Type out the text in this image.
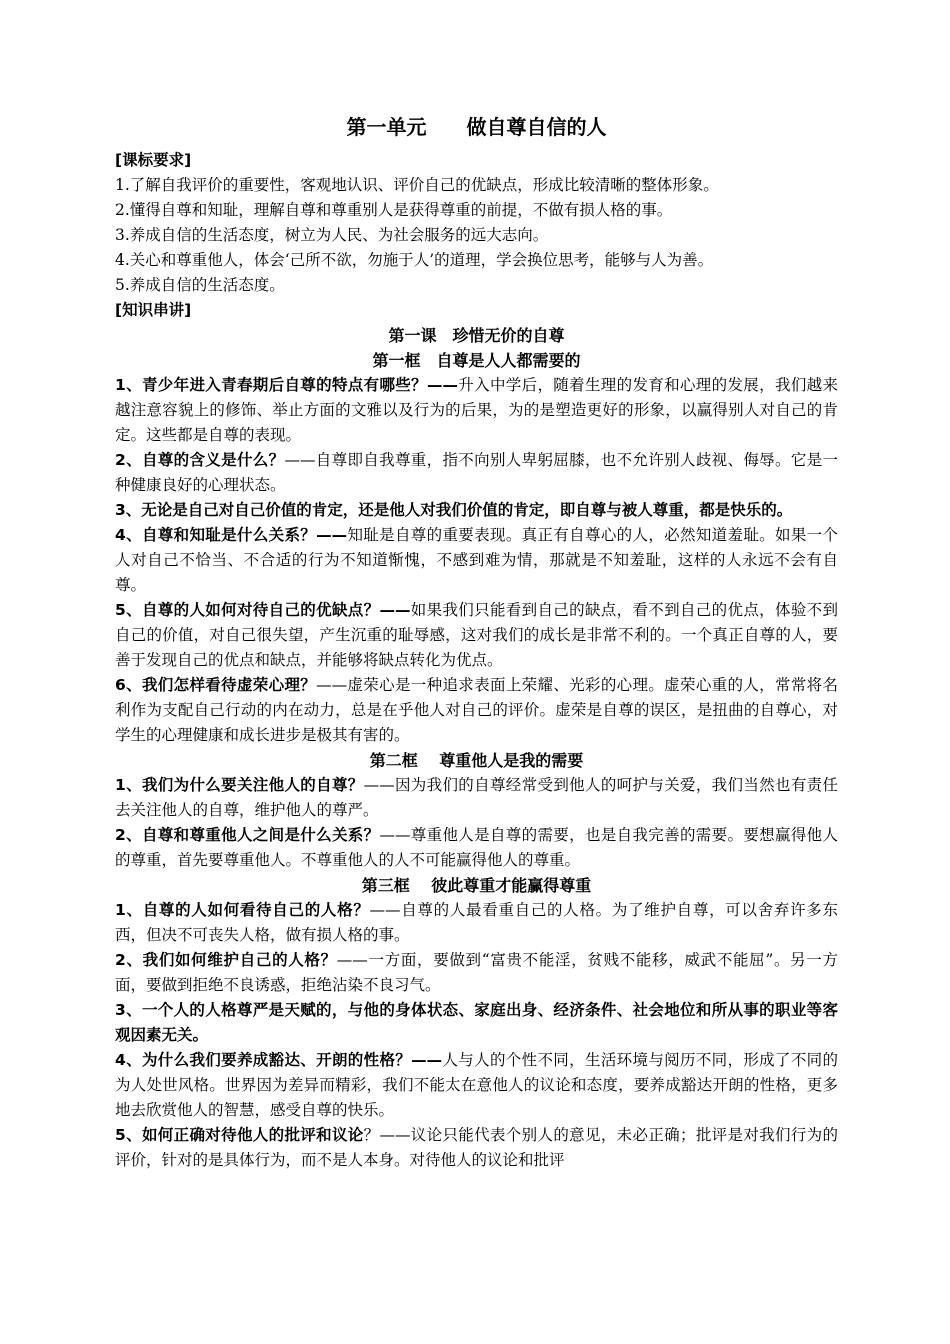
第一单元　　做自尊自信的人
[课标要求]
1.了解自我评价的重要性，客观地认识、评价自己的优缺点，形成比较清晰的整体形象。
2.懂得自尊和知耻，理解自尊和尊重别人是获得尊重的前提，不做有损人格的事。
3.养成自信的生活态度，树立为人民、为社会服务的远大志向。
4.关心和尊重他人，体会‘己所不欲，勿施于人’的道理，学会换位思考，能够与人为善。
5.养成自信的生活态度。
[知识串讲]
第一课　珍惜无价的自尊
第一框　自尊是人人都需要的

1、青少年进入青春期后自尊的特点有哪些？——升入中学后，随着生理的发育和心理的发展，我们越来越注意容貌上的修饰、举止方面的文雅以及行为的后果，为的是塑造更好的形象，以赢得别人对自己的肯定。这些都是自尊的表现。

2、自尊的含义是什么？——自尊即自我尊重，指不向别人卑躬屈膝，也不允许别人歧视、侮辱。它是一种健康良好的心理状态。

3、无论是自己对自己价值的肯定，还是他人对我们价值的肯定，即自尊与被人尊重，都是快乐的。

4、自尊和知耻是什么关系？——知耻是自尊的重要表现。真正有自尊心的人，必然知道羞耻。如果一个人对自己不恰当、不合适的行为不知道惭愧，不感到难为情，那就是不知羞耻，这样的人永远不会有自尊。

5、自尊的人如何对待自己的优缺点？——如果我们只能看到自己的缺点，看不到自己的优点，体验不到自己的价值，对自己很失望，产生沉重的耻辱感，这对我们的成长是非常不利的。一个真正自尊的人，要善于发现自己的优点和缺点，并能够将缺点转化为优点。

6、我们怎样看待虚荣心理？——虚荣心是一种追求表面上荣耀、光彩的心理。虚荣心重的人，常常将名利作为支配自己行动的内在动力，总是在乎他人对自己的评价。虚荣是自尊的误区，是扭曲的自尊心，对学生的心理健康和成长进步是极其有害的。

第二框　 尊重他人是我的需要

1、我们为什么要关注他人的自尊？——因为我们的自尊经常受到他人的呵护与关爱，我们当然也有责任去关注他人的自尊，维护他人的尊严。

2、自尊和尊重他人之间是什么关系？——尊重他人是自尊的需要，也是自我完善的需要。要想赢得他人的尊重，首先要尊重他人。不尊重他人的人不可能赢得他人的尊重。

第三框　 彼此尊重才能赢得尊重

1、自尊的人如何看待自己的人格？——自尊的人最看重自己的人格。为了维护自尊，可以舍弃许多东西，但决不可丧失人格，做有损人格的事。

2、我们如何维护自己的人格？——一方面，要做到“富贵不能淫，贫贱不能移，威武不能屈”。另一方面，要做到拒绝不良诱惑，拒绝沾染不良习气。

3、一个人的人格尊严是天赋的，与他的身体状态、家庭出身、经济条件、社会地位和所从事的职业等客观因素无关。

4、为什么我们要养成豁达、开朗的性格？——人与人的个性不同，生活环境与阅历不同，形成了不同的为人处世风格。世界因为差异而精彩，我们不能太在意他人的议论和态度，要养成豁达开朗的性格，更多地去欣赏他人的智慧，感受自尊的快乐。

5、如何正确对待他人的批评和议论？——议论只能代表个别人的意见，未必正确；批评是对我们行为的评价，针对的是具体行为，而不是人本身。对待他人的议论和批评
